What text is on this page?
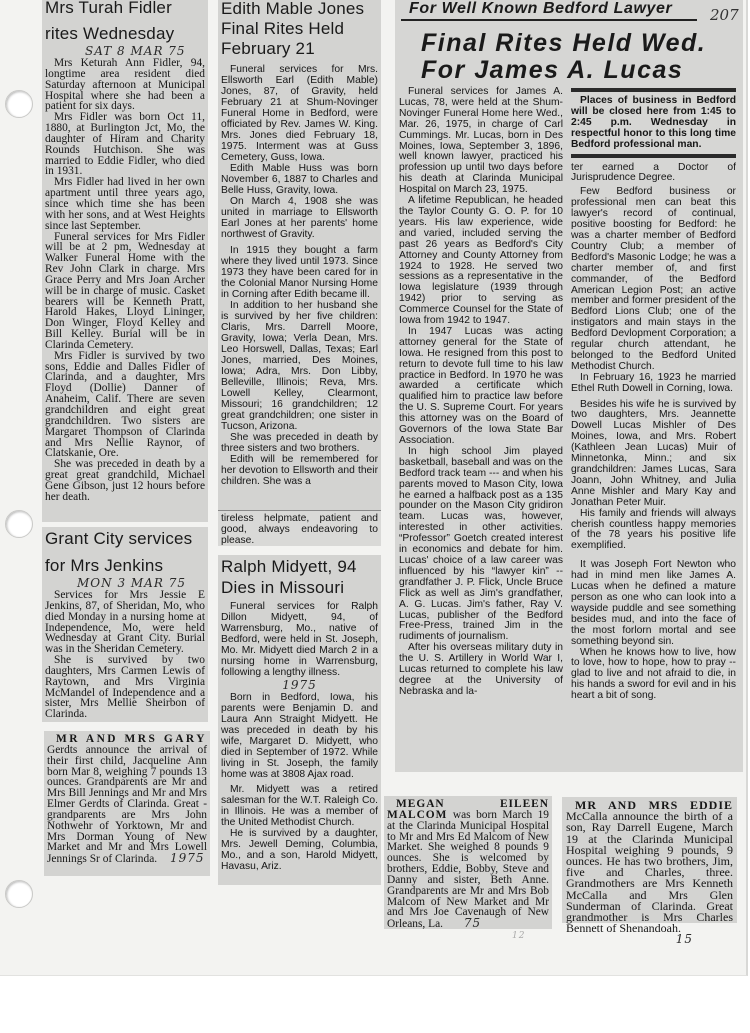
Mrs Turah Fidler
rites Wednesday
SAT 8 MAR 75

Mrs Keturah Ann Fidler, 94, longtime area resident died Saturday afternoon at Municipal Hospital where she had been a patient for six days.

Mrs Fidler was born Oct 11, 1880, at Burlington Jct, Mo, the daughter of Hiram and Charity Rounds Hutchison. She was married to Eddie Fidler, who died in 1931.

Mrs Fidler had lived in her own apartment until three years ago, since which time she has been with her sons, and at West Heights since last September.

Funeral services for Mrs Fidler will be at 2 pm, Wednesday at Walker Funeral Home with the Rev John Clark in charge. Mrs Grace Perry and Mrs Joan Archer will be in charge of music. Casket bearers will be Kenneth Pratt, Harold Hakes, Lloyd Lininger, Don Winger, Floyd Kelley and Bill Kelley. Burial will be in Clarinda Cemetery.

Mrs Fidler is survived by two sons, Eddie and Dalles Fidler of Clarinda, and a daughter, Mrs Floyd (Dollie) Danner of Anaheim, Calif. There are seven grandchildren and eight great grandchildren. Two sisters are Margaret Thompson of Clarinda and Mrs Nellie Raynor, of Clatskanie, Ore.

She was preceded in death by a great great grandchild, Michael Gene Gibson, just 12 hours before her death.

Grant City services
for Mrs Jenkins
MON 3 MAR 75

Services for Mrs Jessie E Jenkins, 87, of Sheridan, Mo, who died Monday in a nursing home at Independence, Mo, were held Wednesday at Grant City. Burial was in the Sheridan Cemetery.

She is survived by two daughters, Mrs Carmen Lewis of Raytown, and Mrs Virginia McMandel of Independence and a sister, Mrs Mellie Sheirbon of Clarinda.

MR AND MRS GARY Gerdts announce the arrival of their first child, Jacqueline Ann born Mar 8, weighing 7 pounds 13 ounces. Grandparents are Mr and Mrs Bill Jennings and Mr and Mrs Elmer Gerdts of Clarinda. Great - grandparents are Mrs John Nothwehr of Yorktown, Mr and Mrs Dorman Young of New Market and Mr and Mrs Lowell Jennings Sr of Clarinda. 1975

Edith Mable Jones
Final Rites Held
February 21

Funeral services for Mrs. Ellsworth Earl (Edith Mable) Jones, 87, of Gravity, held February 21 at Shum-Novinger Funeral Home in Bedford, were officiated by Rev. James W. King. Mrs. Jones died February 18, 1975. Interment was at Guss Cemetery, Guss, Iowa.

Edith Mable Huss was born November 6, 1887 to Charles and Belle Huss, Gravity, Iowa.

On March 4, 1908 she was united in marriage to Ellsworth Earl Jones at her parents' home northwest of Gravity.

In 1915 they bought a farm where they lived until 1973. Since 1973 they have been cared for in the Colonial Manor Nursing Home in Corning after Edith became ill.

In addition to her husband she is survived by her five children: Claris, Mrs. Darrell Moore, Gravity, Iowa; Verla Dean, Mrs. Leo Horswell, Dallas, Texas; Earl Jones, married, Des Moines, Iowa; Adra, Mrs. Don Libby, Belleville, Illinois; Reva, Mrs. Lowell Kelley, Clearmont, Missouri; 16 grandchildren; 12 great grandchildren; one sister in Tucson, Arizona.

She was preceded in death by three sisters and two brothers.

Edith will be remembered for her devotion to Ellsworth and their children. She was a

tireless helpmate, patient and good, always endeavoring to please.
Ralph Midyett, 94
Dies in Missouri

Funeral services for Ralph Dillon Midyett, 94, of Warrensburg, Mo., native of Bedford, were held in St. Joseph, Mo. Mr. Midyett died March 2 in a nursing home in Warrensburg, following a lengthy illness.

1975

Born in Bedford, Iowa, his parents were Benjamin D. and Laura Ann Straight Midyett. He was preceded in death by his wife, Margaret D. Midyett, who died in September of 1972. While living in St. Joseph, the family home was at 3808 Ajax road.

Mr. Midyett was a retired salesman for the W.T. Raleigh Co. in Illinois. He was a member of the United Methodist Church.

He is survived by a daughter, Mrs. Jewell Deming, Columbia, Mo., and a son, Harold Midyett, Havasu, Ariz.

For Well Known Bedford Lawyer
Final Rites Held Wed.
For James A. Lucas

Funeral services for James A. Lucas, 78, were held at the Shum-Novinger Funeral Home here Wed., Mar. 26, 1975, in charge of Carl Cummings. Mr. Lucas, born in Des Moines, Iowa, September 3, 1896, well known lawyer, practiced his profession up until two days before his death at Clarinda Municipal Hospital on March 23, 1975.

A lifetime Republican, he headed the Taylor County G. O. P. for 10 years. His law experience, wide and varied, included serving the past 26 years as Bedford's City Attorney and County Attorney from 1924 to 1928. He served two sessions as a representative in the Iowa legislature (1939 through 1942) prior to serving as Commerce Counsel for the State of Iowa from 1942 to 1947.

In 1947 Lucas was acting attorney general for the State of Iowa. He resigned from this post to return to devote full time to his law practice in Bedford. In 1970 he was awarded a certificate which qualified him to practice law before the U. S. Supreme Court. For years this attorney was on the Board of Governors of the Iowa State Bar Association.

In high school Jim played basketball, baseball and was on the Bedford track team --- and when his parents moved to Mason City, Iowa he earned a halfback post as a 135 pounder on the Mason City gridiron team. Lucas was, however, interested in other activities. “Professor” Goetch created interest in economics and debate for him. Lucas' choice of a law career was influenced by his “lawyer kin” -- grandfather J. P. Flick, Uncle Bruce Flick as well as Jim's grandfather, A. G. Lucas. Jim's father, Ray V. Lucas, publisher of the Bedford Free-Press, trained Jim in the rudiments of journalism.

After his overseas military duty in the U. S. Artillery in World War I, Lucas returned to complete his law degree at the University of Nebraska and la-

Places of business in Bedford will be closed here from 1:45 to 2:45 p.m. Wednesday in respectful honor to this long time Bedford professional man.

ter earned a Doctor of Jurisprudence Degree.

Few Bedford business or professional men can beat this lawyer's record of continual, positive boosting for Bedford: he was a charter member of Bedford Country Club; a member of Bedford's Masonic Lodge; he was a charter member of, and first commander, of the Bedford American Legion Post; an active member and former president of the Bedford Lions Club; one of the instigators and main stays in the Bedford Devlopment Corporation; a regular church attendant, he belonged to the Bedford United Methodist Church.

In February 16, 1923 he married Ethel Ruth Dowell in Corning, Iowa.

Besides his wife he is survived by two daughters, Mrs. Jeannette Dowell Lucas Mishler of Des Moines, Iowa, and Mrs. Robert (Kathleen Jean Lucas) Muir of Minnetonka, Minn.; and six grandchildren: James Lucas, Sara Joann, John Whitney, and Julia Anne Mishler and Mary Kay and Jonathan Peter Muir.

His family and friends will always cherish countless happy memories of the 78 years his positive life exemplified.

It was Joseph Fort Newton who had in mind men like James A. Lucas when he defined a mature person as one who can look into a wayside puddle and see something besides mud, and into the face of the most forlorn mortal and see something beyond sin.

When he knows how to live, how to love, how to hope, how to pray -- glad to live and not afraid to die, in his hands a sword for evil and in his heart a bit of song.

207

MEGAN EILEEN MALCOM was born March 19 at the Clarinda Municipal Hospital to Mr and Mrs Ed Malcom of New Market. She weighed 8 pounds 9 ounces. She is welcomed by brothers, Eddie, Bobby, Steve and Danny and sister, Beth Anne. Grandparents are Mr and Mrs Bob Malcom of New Market and Mr and Mrs Joe Cavenaugh of New Orleans, La. 75

12

MR AND MRS EDDIE McCalla announce the birth of a son, Ray Darrell Eugene, March 19 at the Clarinda Municipal Hospital weighing 9 pounds, 9 ounces. He has two brothers, Jim, five and Charles, three. Grandmothers are Mrs Kenneth McCalla and Mrs Glen Sunderman of Clarinda. Great grandmother is Mrs Charles Bennett of Shenandoah.

15
